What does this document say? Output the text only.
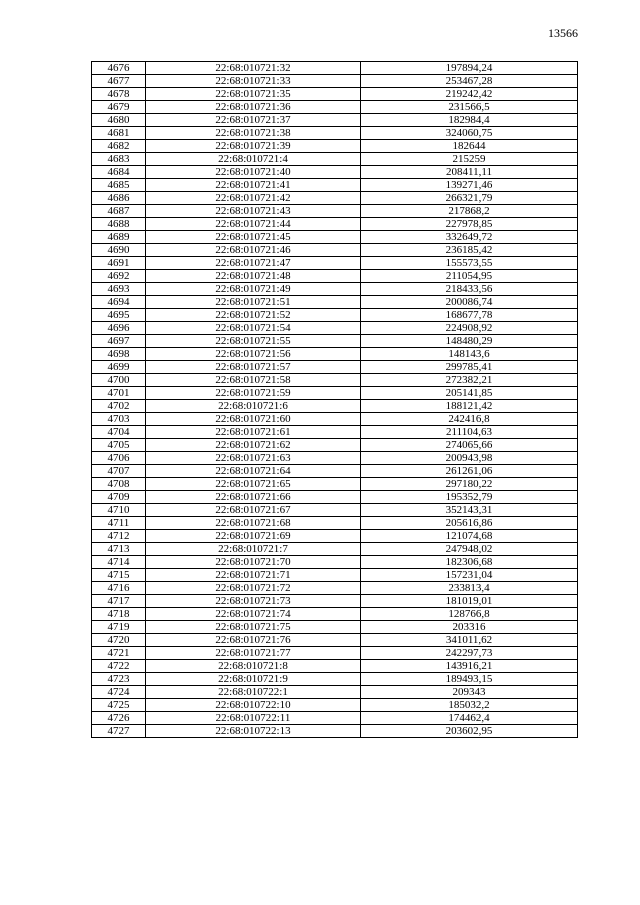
13566
4676	22:68:010721:32	197894,24
4677	22:68:010721:33	253467,28
4678	22:68:010721:35	219242,42
4679	22:68:010721:36	231566,5
4680	22:68:010721:37	182984,4
4681	22:68:010721:38	324060,75
4682	22:68:010721:39	182644
4683	22:68:010721:4	215259
4684	22:68:010721:40	208411,11
4685	22:68:010721:41	139271,46
4686	22:68:010721:42	266321,79
4687	22:68:010721:43	217868,2
4688	22:68:010721:44	227978,85
4689	22:68:010721:45	332649,72
4690	22:68:010721:46	236185,42
4691	22:68:010721:47	155573,55
4692	22:68:010721:48	211054,95
4693	22:68:010721:49	218433,56
4694	22:68:010721:51	200086,74
4695	22:68:010721:52	168677,78
4696	22:68:010721:54	224908,92
4697	22:68:010721:55	148480,29
4698	22:68:010721:56	148143,6
4699	22:68:010721:57	299785,41
4700	22:68:010721:58	272382,21
4701	22:68:010721:59	205141,85
4702	22:68:010721:6	188121,42
4703	22:68:010721:60	242416,8
4704	22:68:010721:61	211104,63
4705	22:68:010721:62	274065,66
4706	22:68:010721:63	200943,98
4707	22:68:010721:64	261261,06
4708	22:68:010721:65	297180,22
4709	22:68:010721:66	195352,79
4710	22:68:010721:67	352143,31
4711	22:68:010721:68	205616,86
4712	22:68:010721:69	121074,68
4713	22:68:010721:7	247948,02
4714	22:68:010721:70	182306,68
4715	22:68:010721:71	157231,04
4716	22:68:010721:72	233813,4
4717	22:68:010721:73	181019,01
4718	22:68:010721:74	128766,8
4719	22:68:010721:75	203316
4720	22:68:010721:76	341011,62
4721	22:68:010721:77	242297,73
4722	22:68:010721:8	143916,21
4723	22:68:010721:9	189493,15
4724	22:68:010722:1	209343
4725	22:68:010722:10	185032,2
4726	22:68:010722:11	174462,4
4727	22:68:010722:13	203602,95
